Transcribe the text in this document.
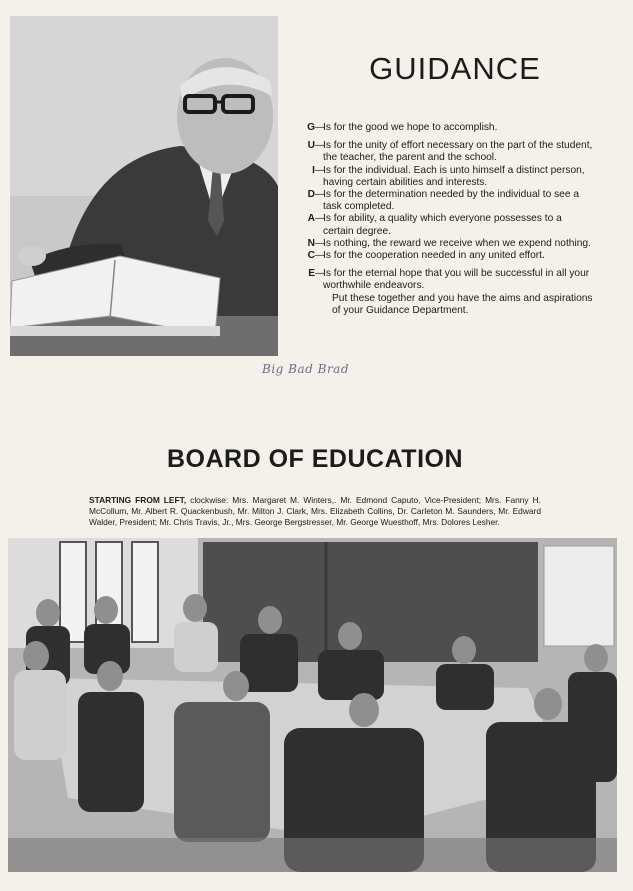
GUIDANCE
G —
Is for the good we hope to accomplish.
U —
Is for the unity of effort necessary on the part of the student, the teacher, the parent and the school.
I —
Is for the individual. Each is unto himself a distinct person, having certain abilities and interests.
D —
Is for the determination needed by the individual to see a task completed.
A —
Is for ability, a quality which everyone possesses to a certain degree.
N —
Is nothing, the reward we receive when we expend nothing.
C —
Is for the cooperation needed in any united effort.
E —
Is for the eternal hope that you will be successful in all your worthwhile endeavors.
Put these together and you have the aims and aspirations of your Guidance Department.
Big Bad Brad
BOARD OF EDUCATION

STARTING FROM LEFT, clockwise: Mrs. Margaret M. Winters,. Mr. Edmond Caputo, Vice-President; Mrs. Fanny H. McCollum, Mr. Albert R. Quackenbush, Mr. Milton J. Clark, Mrs. Elizabeth Collins, Dr. Carleton M. Saunders, Mr. Edward Walder, President; Mr. Chris Travis, Jr., Mrs. George Bergstresser, Mr. George Wuesthoff, Mrs. Dolores Lesher.
